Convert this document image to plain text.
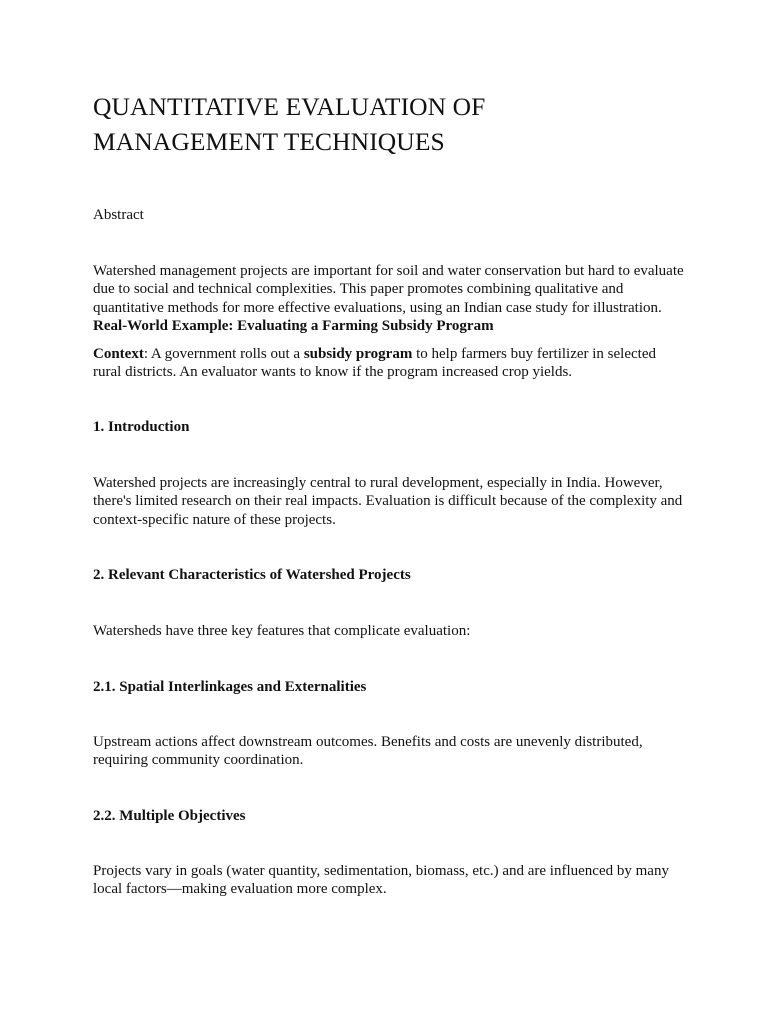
QUANTITATIVE EVALUATION OF
MANAGEMENT TECHNIQUES

Abstract

Watershed management projects are important for soil and water conservation but hard to evaluate due to social and technical complexities. This paper promotes combining qualitative and quantitative methods for more effective evaluations, using an Indian case study for illustration. Real-World Example: Evaluating a Farming Subsidy Program

Context: A government rolls out a subsidy program to help farmers buy fertilizer in selected rural districts. An evaluator wants to know if the program increased crop yields.

1. Introduction

Watershed projects are increasingly central to rural development, especially in India. However, there's limited research on their real impacts. Evaluation is difficult because of the complexity and context-specific nature of these projects.

2. Relevant Characteristics of Watershed Projects

Watersheds have three key features that complicate evaluation:

2.1. Spatial Interlinkages and Externalities

Upstream actions affect downstream outcomes. Benefits and costs are unevenly distributed, requiring community coordination.

2.2. Multiple Objectives

Projects vary in goals (water quantity, sedimentation, biomass, etc.) and are influenced by many local factors—making evaluation more complex.
